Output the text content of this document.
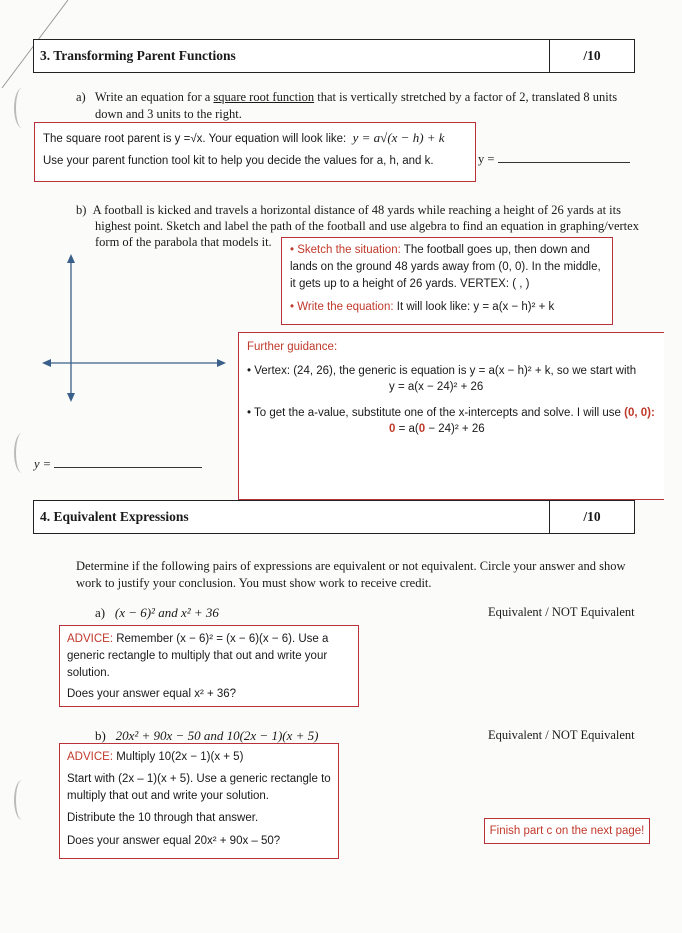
3. Transforming Parent Functions	/10
a) Write an equation for a square root function that is vertically stretched by a factor of 2, translated 8 units
down and 3 units to the right.
The square root parent is y =√x. Your equation will look like: y = a√(x − h) + k
Use your parent function tool kit to help you decide the values for a, h, and k.	y =
b) A football is kicked and travels a horizontal distance of 48 yards while reaching a height of 26 yards at its
highest point. Sketch and label the path of the football and use algebra to find an equation in graphing/vertex
form of the parabola that models it.
• Sketch the situation: The football goes up, then down and
lands on the ground 48 yards away from (0, 0). In the middle,
it gets up to a height of 26 yards. VERTEX: ( , )
• Write the equation: It will look like: y = a(x − h)² + k
Further guidance:
• Vertex: (24, 26), the generic is equation is y = a(x − h)² + k, so we start with
y = a(x − 24)² + 26
• To get the a-value, substitute one of the x-intercepts and solve. I will use (0, 0):
0 = a(0 − 24)² + 26
y =
4. Equivalent Expressions	/10
Determine if the following pairs of expressions are equivalent or not equivalent. Circle your answer and show
work to justify your conclusion. You must show work to receive credit.
a) (x − 6)² and x² + 36	Equivalent / NOT Equivalent
ADVICE: Remember (x − 6)² = (x − 6)(x − 6). Use a
generic rectangle to multiply that out and write your
solution.
Does your answer equal x² + 36?
b) 20x² + 90x − 50 and 10(2x − 1)(x + 5)	Equivalent / NOT Equivalent
ADVICE: Multiply 10(2x − 1)(x + 5)
Start with (2x – 1)(x + 5). Use a generic rectangle to
multiply that out and write your solution.
Distribute the 10 through that answer.
Does your answer equal 20x² + 90x – 50?
Finish part c on the next page!
